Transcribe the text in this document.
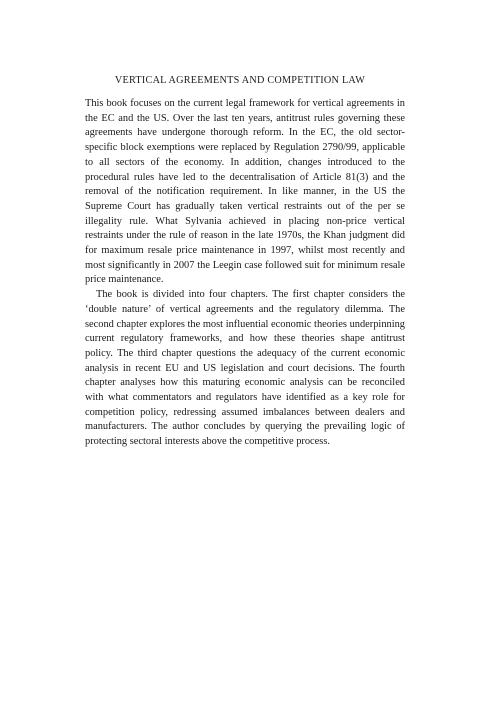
VERTICAL AGREEMENTS AND COMPETITION LAW

This book focuses on the current legal framework for vertical agreements in the EC and the US. Over the last ten years, antitrust rules governing these agreements have undergone thorough reform. In the EC, the old sector-specific block exemptions were replaced by Regulation 2790/99, applicable to all sectors of the economy. In addition, changes introduced to the procedural rules have led to the decentralisation of Article 81(3) and the removal of the notification requirement. In like manner, in the US the Supreme Court has gradually taken vertical restraints out of the per se illegality rule. What Sylvania achieved in placing non-price vertical restraints under the rule of reason in the late 1970s, the Khan judgment did for maximum resale price maintenance in 1997, whilst most recently and most significantly in 2007 the Leegin case followed suit for minimum resale price maintenance.

The book is divided into four chapters. The first chapter considers the ‘double nature’ of vertical agreements and the regulatory dilemma. The second chapter explores the most influential economic theories underpinning current regulatory frameworks, and how these theories shape antitrust policy. The third chapter questions the adequacy of the current economic analysis in recent EU and US legislation and court decisions. The fourth chapter analyses how this maturing economic analysis can be reconciled with what commentators and regulators have identified as a key role for competition policy, redressing assumed imbalances between dealers and manufacturers. The author concludes by querying the prevailing logic of protecting sectoral interests above the competitive process.
